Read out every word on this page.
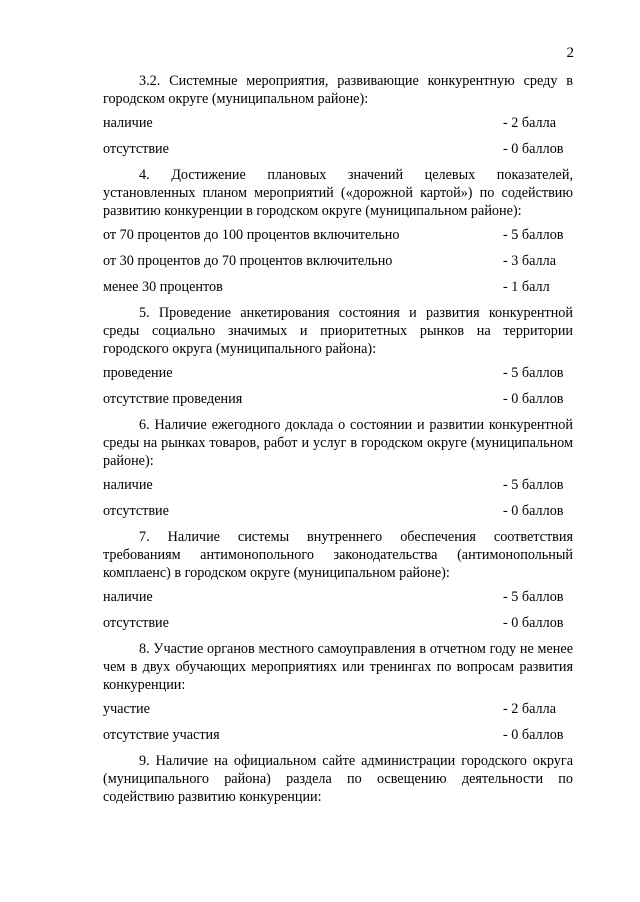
2

3.2. Системные мероприятия, развивающие конкурентную среду в городском округе (муниципальном районе):

наличие	- 2 балла
отсутствие	- 0 баллов

4. Достижение плановых значений целевых показателей, установленных планом мероприятий («дорожной картой») по содействию развитию конкуренции в городском округе (муниципальном районе):

от 70 процентов до 100 процентов включительно	- 5 баллов
от 30 процентов до 70 процентов включительно	- 3 балла
менее 30 процентов	- 1 балл

5. Проведение анкетирования состояния и развития конкурентной среды социально значимых и приоритетных рынков на территории городского округа (муниципального района):

проведение	- 5 баллов
отсутствие проведения	- 0 баллов

6. Наличие ежегодного доклада о состоянии и развитии конкурентной среды на рынках товаров, работ и услуг в городском округе (муниципальном районе):

наличие	- 5 баллов
отсутствие	- 0 баллов

7. Наличие системы внутреннего обеспечения соответствия требованиям антимонопольного законодательства (антимонопольный комплаенс) в городском округе (муниципальном районе):

наличие	- 5 баллов
отсутствие	- 0 баллов

8. Участие органов местного самоуправления в отчетном году не менее чем в двух обучающих мероприятиях или тренингах по вопросам развития конкуренции:

участие	- 2 балла
отсутствие участия	- 0 баллов

9. Наличие на официальном сайте администрации городского округа (муниципального района) раздела по освещению деятельности по содействию развитию конкуренции:
